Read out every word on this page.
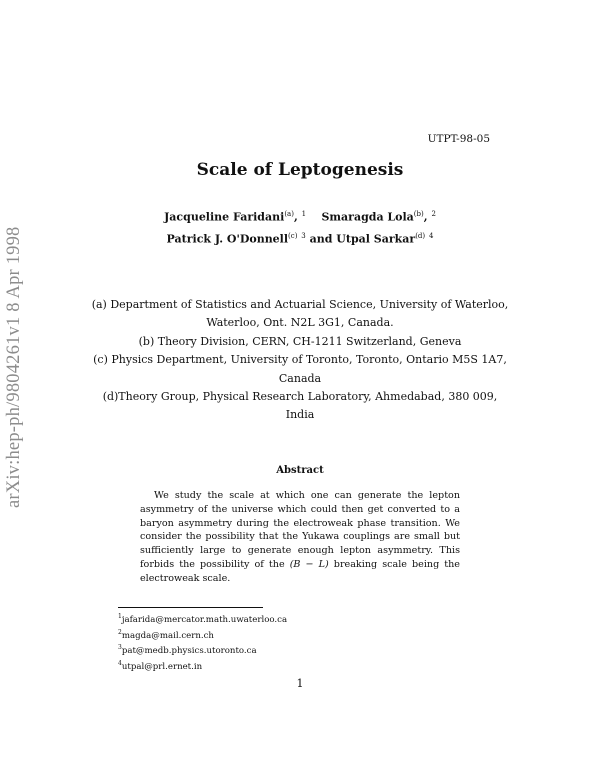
arXiv:hep-ph/9804261v1 8 Apr 1998
UTPT-98-05
Scale of Leptogenesis
Jacqueline Faridani$^{(a)}$, $^1$ Smaragda Lola$^{(b)}$, $^2$
Patrick J. O'Donnell$^{(c)}$ $^3$ and Utpal Sarkar$^{(d)}$ $^4$
(a) Department of Statistics and Actuarial Science, University of Waterloo,
Waterloo, Ont. N2L 3G1, Canada.
(b) Theory Division, CERN, CH-1211 Switzerland, Geneva
(c) Physics Department, University of Toronto, Toronto, Ontario M5S 1A7,
Canada
(d)Theory Group, Physical Research Laboratory, Ahmedabad, 380 009,
India
Abstract
We study the scale at which one can generate the lepton asymmetry of the universe which could then get converted to a baryon asymmetry during the electroweak phase transition. We consider the possibility that the Yukawa couplings are small but sufficiently large to generate enough lepton asymmetry. This forbids the possibility of the (B − L) breaking scale being the electroweak scale.
$^1$jafarida@mercator.math.uwaterloo.ca
$^2$magda@mail.cern.ch
$^3$pat@medb.physics.utoronto.ca
$^4$utpal@prl.ernet.in
1
